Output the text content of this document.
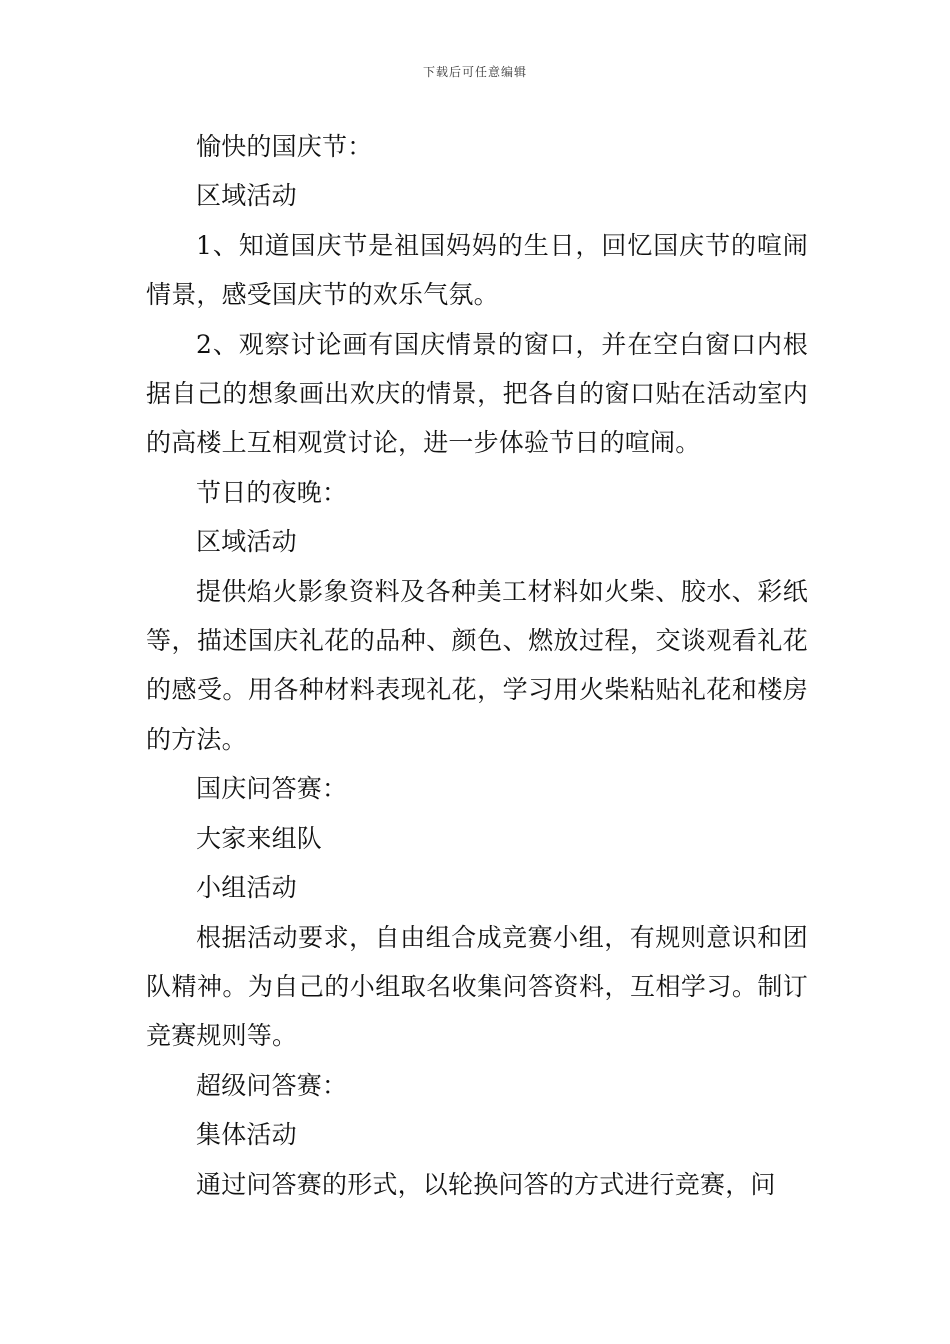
下载后可任意编辑

愉快的国庆节：

区域活动

1、知道国庆节是祖国妈妈的生日，回忆国庆节的喧闹情景，感受国庆节的欢乐气氛。

2、观察讨论画有国庆情景的窗口，并在空白窗口内根据自己的想象画出欢庆的情景，把各自的窗口贴在活动室内的高楼上互相观赏讨论，进一步体验节日的喧闹。

节日的夜晚：

区域活动

提供焰火影象资料及各种美工材料如火柴、胶水、彩纸等，描述国庆礼花的品种、颜色、燃放过程，交谈观看礼花的感受。用各种材料表现礼花，学习用火柴粘贴礼花和楼房的方法。

国庆问答赛：

大家来组队

小组活动

根据活动要求，自由组合成竞赛小组，有规则意识和团队精神。为自己的小组取名收集问答资料，互相学习。制订竞赛规则等。

超级问答赛：

集体活动

通过问答赛的形式，以轮换问答的方式进行竞赛，问
